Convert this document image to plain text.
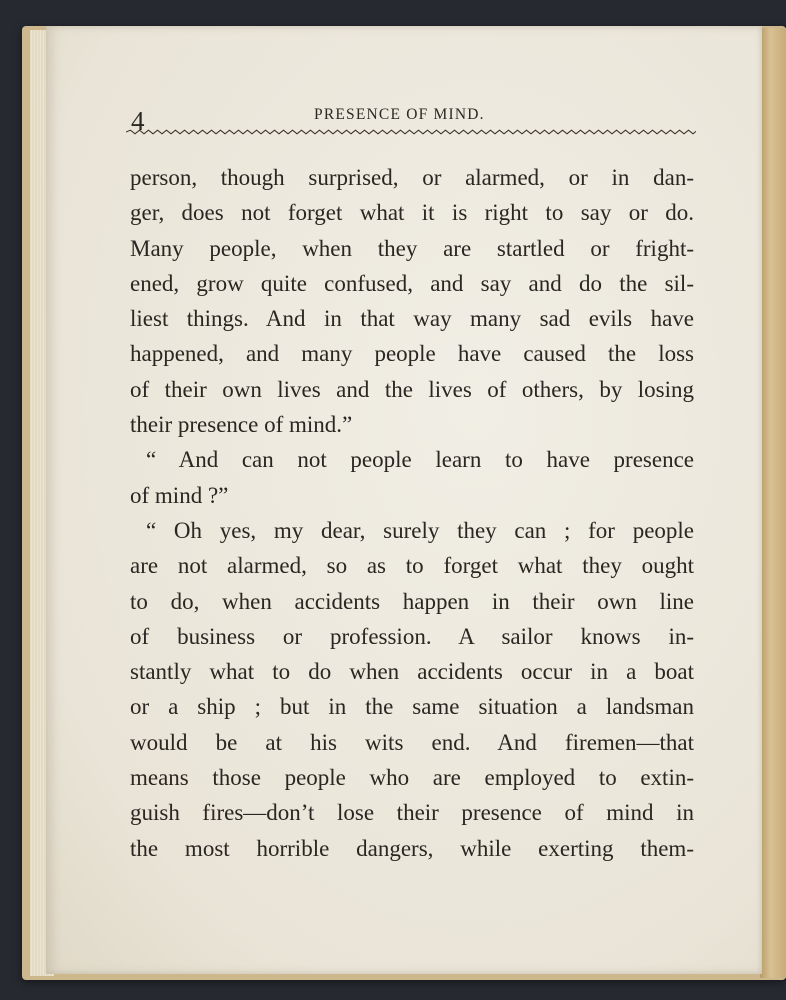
4	PRESENCE OF MIND.
person, though surprised, or alarmed, or in dan-
ger, does not forget what it is right to say or do.
Many people, when they are startled or fright-
ened, grow quite confused, and say and do the sil-
liest things. And in that way many sad evils have
happened, and many people have caused the loss
of their own lives and the lives of others, by losing
their presence of mind.”
“ And can not people learn to have presence
of mind ?”
“ Oh yes, my dear, surely they can ; for people
are not alarmed, so as to forget what they ought
to do, when accidents happen in their own line
of business or profession. A sailor knows in-
stantly what to do when accidents occur in a boat
or a ship ; but in the same situation a landsman
would be at his wits end. And firemen—that
means those people who are employed to extin-
guish fires—don’t lose their presence of mind in
the most horrible dangers, while exerting them-
